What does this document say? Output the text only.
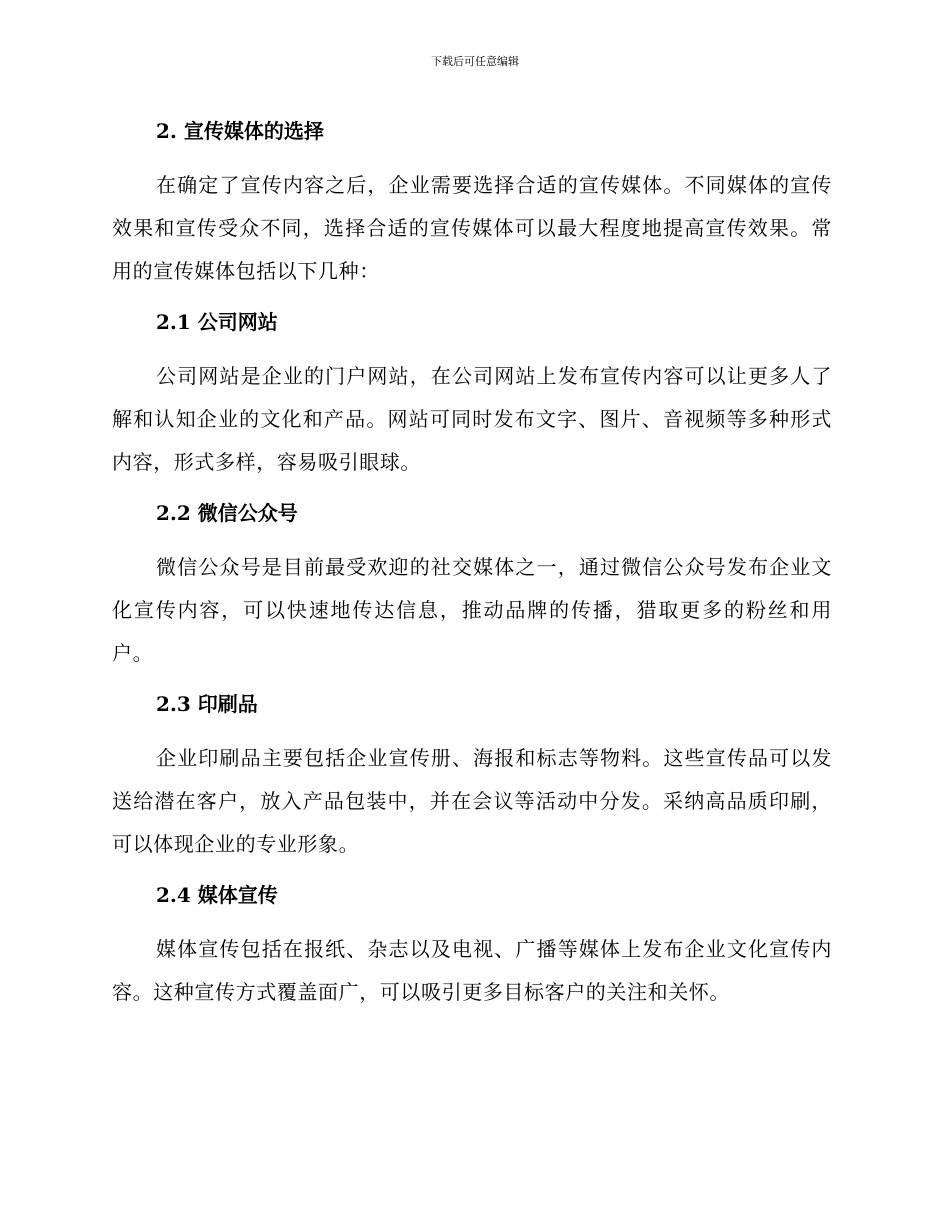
下载后可任意编辑
2. 宣传媒体的选择
在确定了宣传内容之后，企业需要选择合适的宣传媒体。不同媒体的宣传效果和宣传受众不同，选择合适的宣传媒体可以最大程度地提高宣传效果。常用的宣传媒体包括以下几种：
2.1 公司网站
公司网站是企业的门户网站，在公司网站上发布宣传内容可以让更多人了解和认知企业的文化和产品。网站可同时发布文字、图片、音视频等多种形式内容，形式多样，容易吸引眼球。
2.2 微信公众号
微信公众号是目前最受欢迎的社交媒体之一，通过微信公众号发布企业文化宣传内容，可以快速地传达信息，推动品牌的传播，猎取更多的粉丝和用户。
2.3 印刷品
企业印刷品主要包括企业宣传册、海报和标志等物料。这些宣传品可以发送给潜在客户，放入产品包装中，并在会议等活动中分发。采纳高品质印刷，可以体现企业的专业形象。
2.4 媒体宣传
媒体宣传包括在报纸、杂志以及电视、广播等媒体上发布企业文化宣传内容。这种宣传方式覆盖面广，可以吸引更多目标客户的关注和关怀。
